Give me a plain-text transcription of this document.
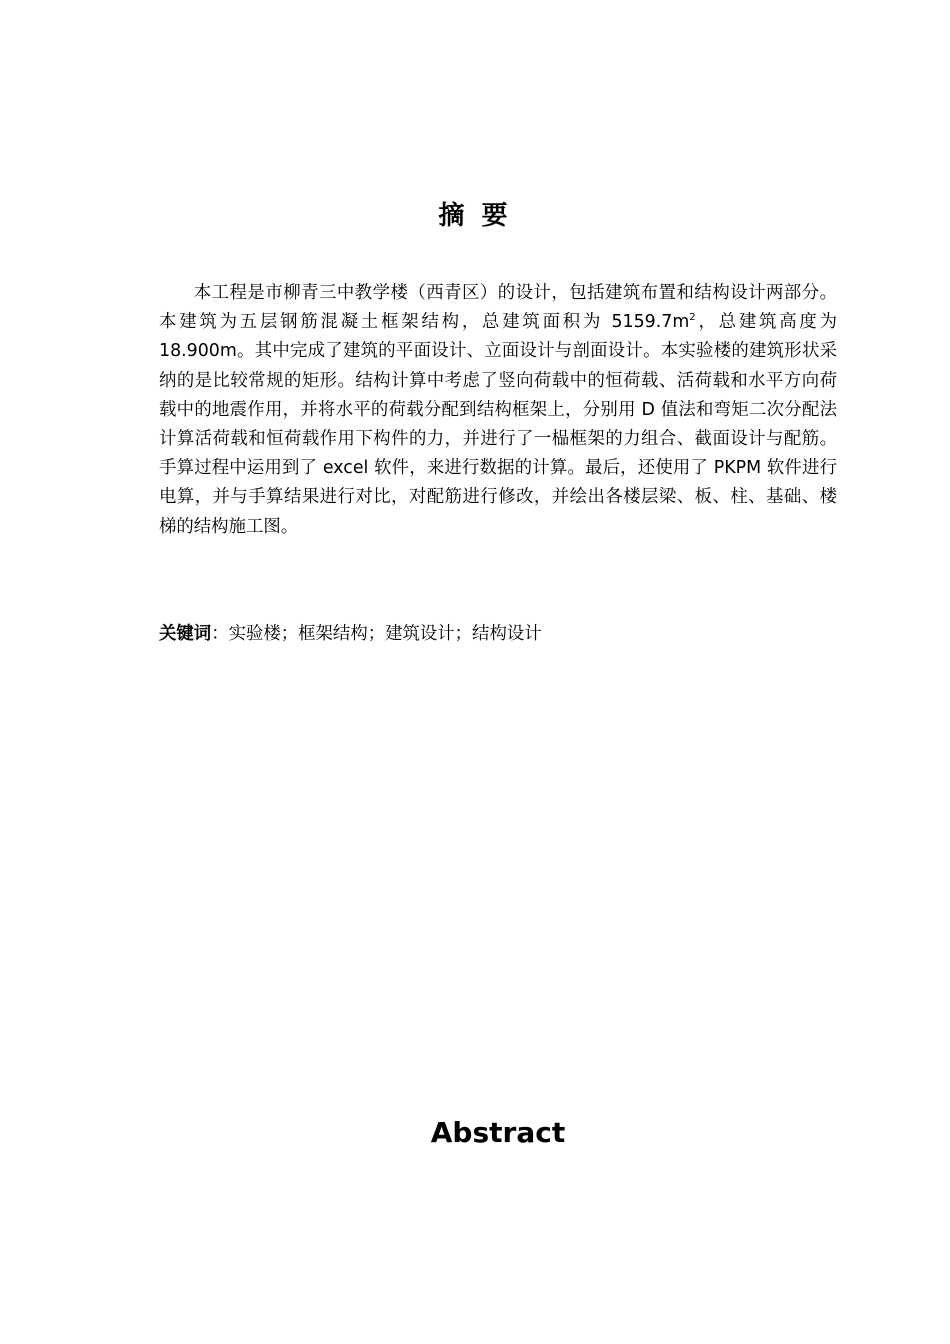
摘 要

本工程是市柳青三中教学楼（西青区）的设计，包括建筑布置和结构设计两部分。本建筑为五层钢筋混凝土框架结构，总建筑面积为 $5159.7m^2$，总建筑高度为 18.900m。其中完成了建筑的平面设计、立面设计与剖面设计。本实验楼的建筑形状采纳的是比较常规的矩形。结构计算中考虑了竖向荷载中的恒荷载、活荷载和水平方向荷载中的地震作用，并将水平的荷载分配到结构框架上，分别用 D 值法和弯矩二次分配法计算活荷载和恒荷载作用下构件的力，并进行了一榀框架的力组合、截面设计与配筋。手算过程中运用到了 excel 软件，来进行数据的计算。最后，还使用了 PKPM 软件进行电算，并与手算结果进行对比，对配筋进行修改，并绘出各楼层梁、板、柱、基础、楼梯的结构施工图。

关键词：实验楼；框架结构；建筑设计；结构设计

Abstract
